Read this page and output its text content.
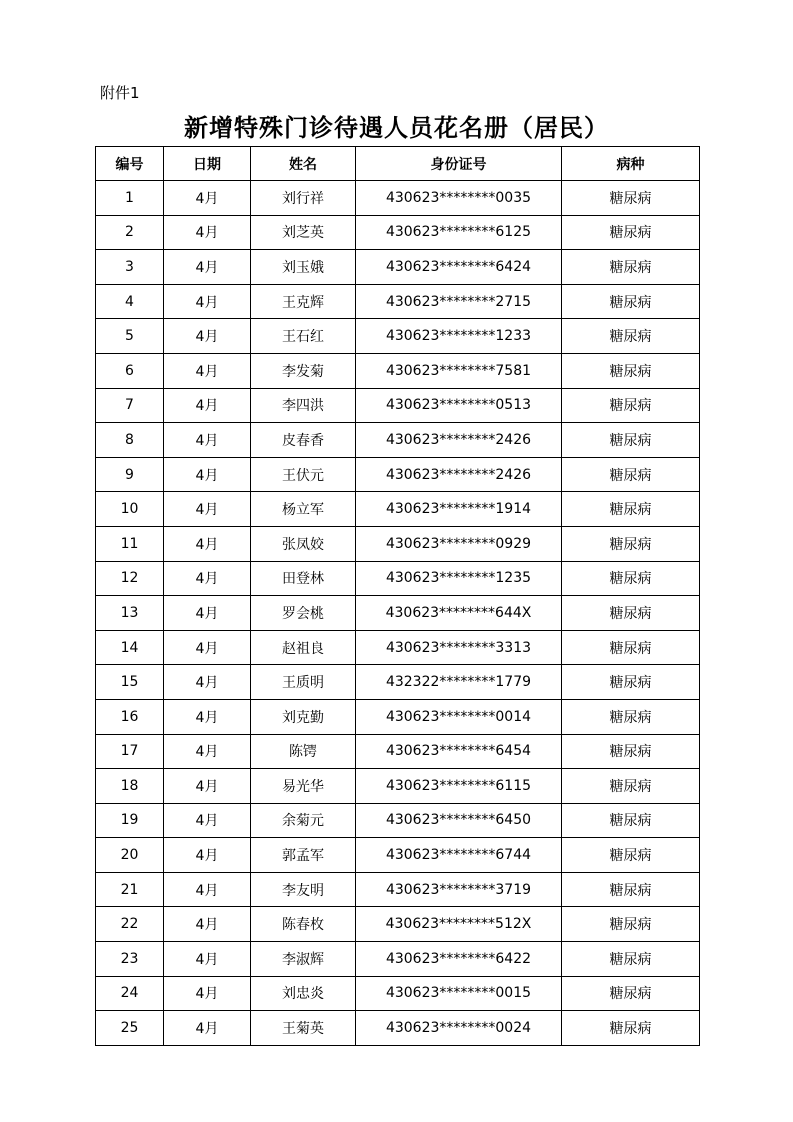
附件1
新增特殊门诊待遇人员花名册（居民）
编号	日期	姓名	身份证号	病种
1	4月	刘行祥	430623********0035	糖尿病
2	4月	刘芝英	430623********6125	糖尿病
3	4月	刘玉娥	430623********6424	糖尿病
4	4月	王克辉	430623********2715	糖尿病
5	4月	王石红	430623********1233	糖尿病
6	4月	李发菊	430623********7581	糖尿病
7	4月	李四洪	430623********0513	糖尿病
8	4月	皮春香	430623********2426	糖尿病
9	4月	王伏元	430623********2426	糖尿病
10	4月	杨立军	430623********1914	糖尿病
11	4月	张凤姣	430623********0929	糖尿病
12	4月	田登林	430623********1235	糖尿病
13	4月	罗会桃	430623********644X	糖尿病
14	4月	赵祖良	430623********3313	糖尿病
15	4月	王质明	432322********1779	糖尿病
16	4月	刘克勤	430623********0014	糖尿病
17	4月	陈锷	430623********6454	糖尿病
18	4月	易光华	430623********6115	糖尿病
19	4月	余菊元	430623********6450	糖尿病
20	4月	郭孟军	430623********6744	糖尿病
21	4月	李友明	430623********3719	糖尿病
22	4月	陈春枚	430623********512X	糖尿病
23	4月	李淑辉	430623********6422	糖尿病
24	4月	刘忠炎	430623********0015	糖尿病
25	4月	王菊英	430623********0024	糖尿病
